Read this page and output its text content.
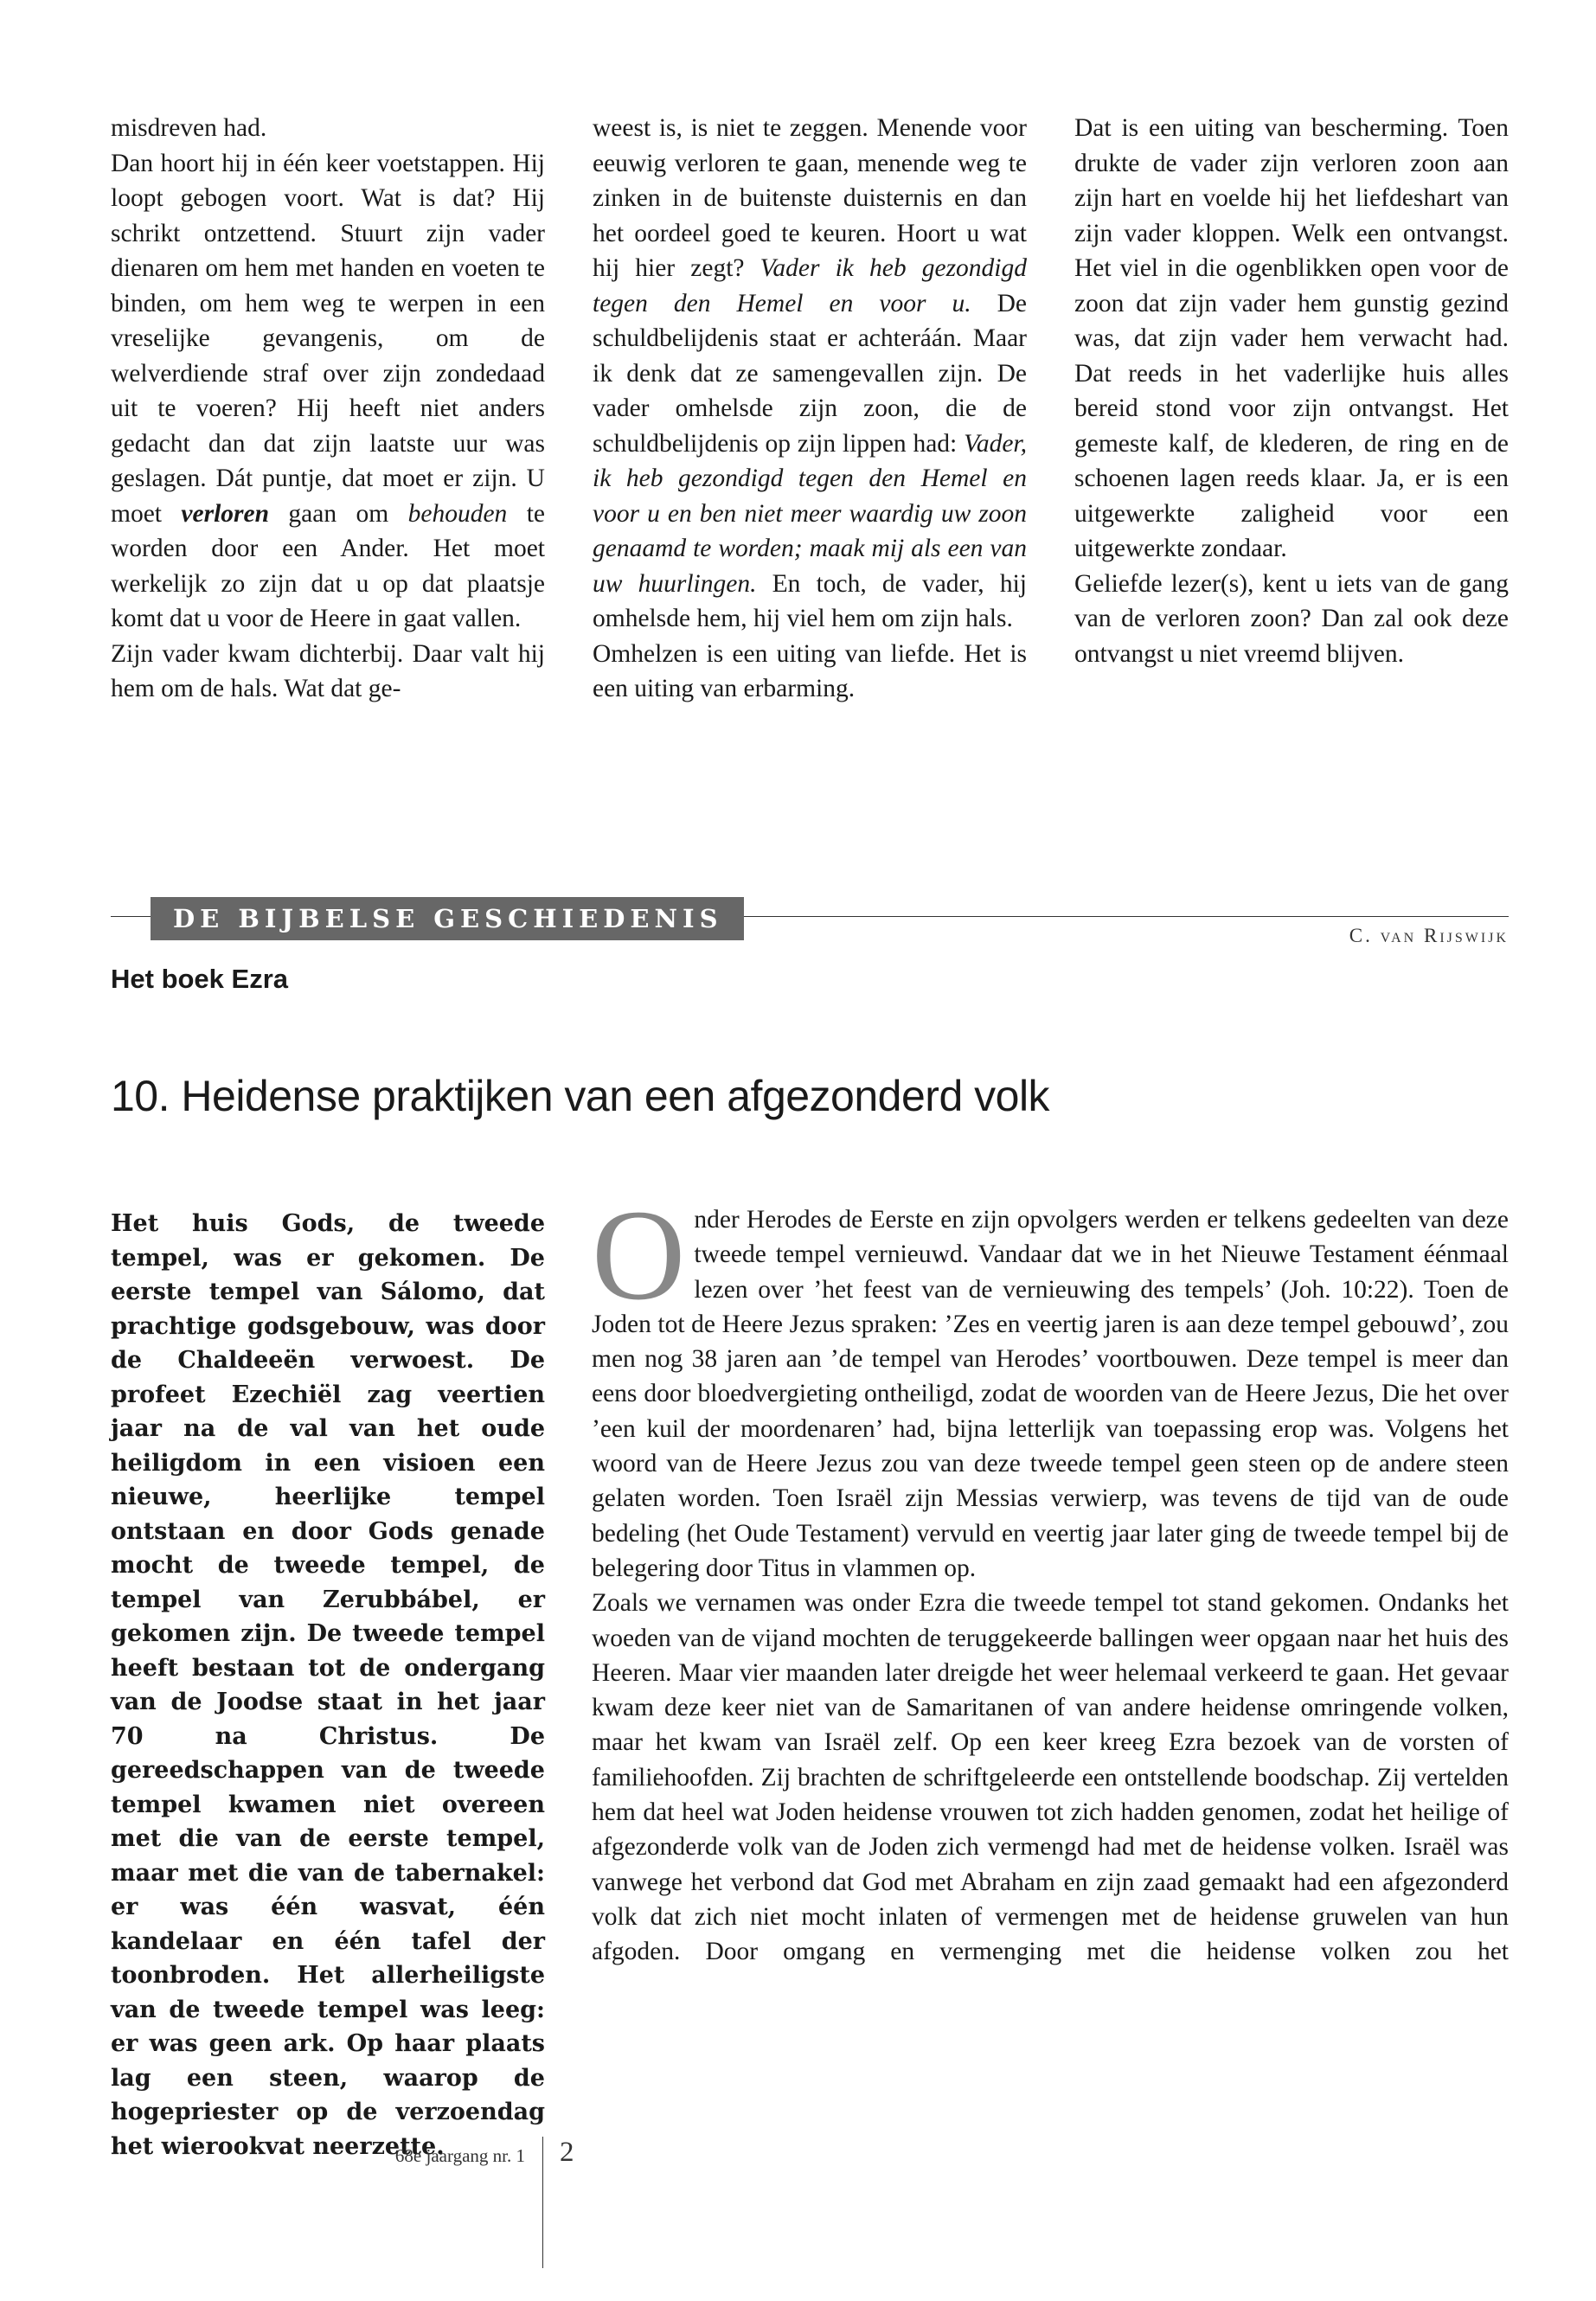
misdreven had.

Dan hoort hij in één keer voetstappen. Hij loopt gebogen voort. Wat is dat? Hij schrikt ontzettend. Stuurt zijn vader dienaren om hem met handen en voeten te binden, om hem weg te werpen in een vreselijke gevangenis, om de welverdiende straf over zijn zondedaad uit te voeren? Hij heeft niet anders gedacht dan dat zijn laatste uur was geslagen. Dát puntje, dat moet er zijn. U moet verloren gaan om behouden te worden door een Ander. Het moet werkelijk zo zijn dat u op dat plaatsje komt dat u voor de Heere in gaat vallen.

Zijn vader kwam dichterbij. Daar valt hij hem om de hals. Wat dat ge-

weest is, is niet te zeggen. Menende voor eeuwig verloren te gaan, menende weg te zinken in de buitenste duisternis en dan het oordeel goed te keuren. Hoort u wat hij hier zegt? Vader ik heb gezondigd tegen den Hemel en voor u. De schuldbelijdenis staat er achteráán. Maar ik denk dat ze samengevallen zijn. De vader omhelsde zijn zoon, die de schuldbelijdenis op zijn lippen had: Vader, ik heb gezondigd tegen den Hemel en voor u en ben niet meer waardig uw zoon genaamd te worden; maak mij als een van uw huurlingen. En toch, de vader, hij omhelsde hem, hij viel hem om zijn hals.

Omhelzen is een uiting van liefde. Het is een uiting van erbarming.

Dat is een uiting van bescherming. Toen drukte de vader zijn verloren zoon aan zijn hart en voelde hij het liefdeshart van zijn vader kloppen. Welk een ontvangst. Het viel in die ogenblikken open voor de zoon dat zijn vader hem gunstig gezind was, dat zijn vader hem verwacht had. Dat reeds in het vaderlijke huis alles bereid stond voor zijn ontvangst. Het gemeste kalf, de klederen, de ring en de schoenen lagen reeds klaar. Ja, er is een uitgewerkte zaligheid voor een uitgewerkte zondaar.

Geliefde lezer(s), kent u iets van de gang van de verloren zoon? Dan zal ook deze ontvangst u niet vreemd blijven.

DE BIJBELSE GESCHIEDENIS
C. van Rijswijk
Het boek Ezra
10. Heidense praktijken van een afgezonderd volk

Het huis Gods, de tweede tempel, was er gekomen. De eerste tempel van Sálomo, dat prachtige godsgebouw, was door de Chaldeeën verwoest. De profeet Ezechiël zag veertien jaar na de val van het oude heiligdom in een visioen een nieuwe, heerlijke tempel ontstaan en door Gods genade mocht de tweede tempel, de tempel van Zerubbábel, er gekomen zijn. De tweede tempel heeft bestaan tot de ondergang van de Joodse staat in het jaar 70 na Christus. De gereedschappen van de tweede tempel kwamen niet overeen met die van de eerste tempel, maar met die van de tabernakel: er was één wasvat, één kandelaar en één tafel der toonbroden. Het allerheiligste van de tweede tempel was leeg: er was geen ark. Op haar plaats lag een steen, waarop de hogepriester op de verzoendag het wierookvat neerzette.

O nder Herodes de Eerste en zijn opvolgers werden er telkens gedeelten van deze tweede tempel vernieuwd. Vandaar dat we in het Nieuwe Testament éénmaal lezen over ’het feest van de vernieuwing des tempels’ (Joh. 10:22). Toen de Joden tot de Heere Jezus spraken: ’Zes en veertig jaren is aan deze tempel gebouwd’, zou men nog 38 jaren aan ’de tempel van Herodes’ voortbouwen. Deze tempel is meer dan eens door bloedvergieting ontheiligd, zodat de woorden van de Heere Jezus, Die het over ’een kuil der moordenaren’ had, bijna letterlijk van toepassing erop was. Volgens het woord van de Heere Jezus zou van deze tweede tempel geen steen op de andere steen gelaten worden. Toen Israël zijn Messias verwierp, was tevens de tijd van de oude bedeling (het Oude Testament) vervuld en veertig jaar later ging de tweede tempel bij de belegering door Titus in vlammen op.

Zoals we vernamen was onder Ezra die tweede tempel tot stand gekomen. Ondanks het woeden van de vijand mochten de teruggekeerde ballingen weer opgaan naar het huis des Heeren. Maar vier maanden later dreigde het weer helemaal verkeerd te gaan. Het gevaar kwam deze keer niet van de Samaritanen of van andere heidense omringende volken, maar het kwam van Israël zelf. Op een keer kreeg Ezra bezoek van de vorsten of familiehoofden. Zij brachten de schriftgeleerde een ontstellende boodschap. Zij vertelden hem dat heel wat Joden heidense vrouwen tot zich hadden genomen, zodat het heilige of afgezonderde volk van de Joden zich vermengd had met de heidense volken. Israël was vanwege het verbond dat God met Abraham en zijn zaad gemaakt had een afgezonderd volk dat zich niet mocht inlaten of vermengen met de heidense gruwelen van hun afgoden. Door omgang en vermenging met die heidense volken zou het

68e jaargang nr. 1 2
